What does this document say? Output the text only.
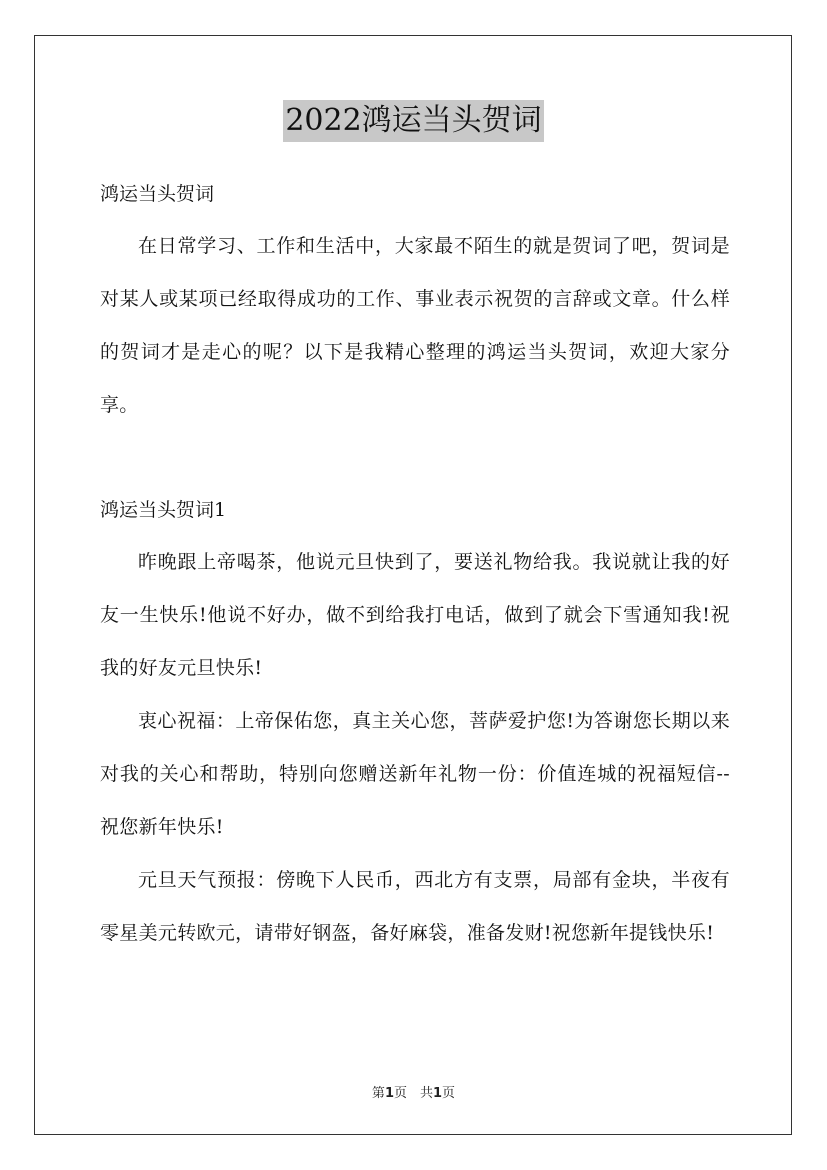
2022鸿运当头贺词

鸿运当头贺词

在日常学习、工作和生活中，大家最不陌生的就是贺词了吧，贺词是对某人或某项已经取得成功的工作、事业表示祝贺的言辞或文章。什么样的贺词才是走心的呢？以下是我精心整理的鸿运当头贺词，欢迎大家分享。

鸿运当头贺词1

昨晚跟上帝喝茶，他说元旦快到了，要送礼物给我。我说就让我的好友一生快乐!他说不好办，做不到给我打电话，做到了就会下雪通知我!祝我的好友元旦快乐!

衷心祝福：上帝保佑您，真主关心您，菩萨爱护您!为答谢您长期以来对我的关心和帮助，特别向您赠送新年礼物一份：价值连城的祝福短信--祝您新年快乐!

元旦天气预报：傍晚下人民币，西北方有支票，局部有金块，半夜有零星美元转欧元，请带好钢盔，备好麻袋，准备发财!祝您新年提钱快乐!

第1页　共1页
